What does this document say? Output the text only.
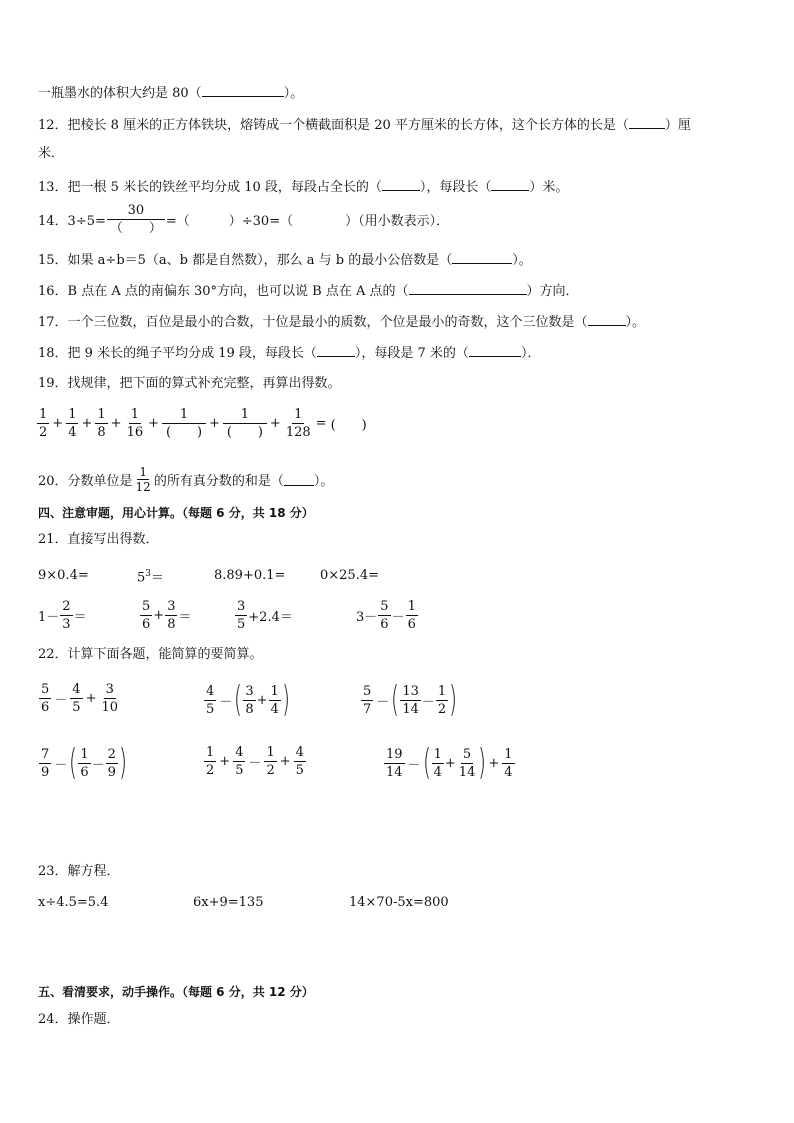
一瓶墨水的体积大约是 80（	）。
12．把棱长 8 厘米的正方体铁块，熔铸成一个横截面积是 20 平方厘米的长方体，这个长方体的长是（	）厘
米．
13．把一根 5 米长的铁丝平均分成 10 段，每段占全长的（	），每段长（	）米。
14．$3\div 5= \frac{30}{( )}$ =（　　　）÷30=（　　　　）（用小数表示）．
15．如果 a÷b＝5（a、b 都是自然数），那么 a 与 b 的最小公倍数是（	）。
16．B 点在 A 点的南偏东 30°方向，也可以说 B 点在 A 点的（	）方向．
17．一个三位数，百位是最小的合数，十位是最小的质数，个位是最小的奇数，这个三位数是（	）。
18．把 9 米长的绳子平均分成 19 段，每段长（	），每段是 7 米的（	）．
19．找规律，把下面的算式补充完整，再算出得数。
$\frac{1}{2} + \frac{1}{4} + \frac{1}{8} + \frac{1}{16} + \frac{1}{( )} + \frac{1}{( )} + \frac{1}{128}$ = (　　)
20．分数单位是 $\frac{1}{12}$ 的所有真分数的和是（ ）。
四、注意审题，用心计算。（每题 6 分，共 18 分）
21．直接写出得数．
9×0.4=	$5^3=$	8.89+0.1=	0×25.4=
$1- \frac{2}{3}$ ＝	$\frac{5}{6} + \frac{3}{8}$ ＝	$\frac{3}{5} +2.4=$	$3- \frac{5}{6} - \frac{1}{6}$
22．计算下面各题，能简算的要简算。
$\frac{5}{6} - \frac{4}{5} + \frac{3}{10}$	$\frac{4}{5}$ － ( $\frac{3}{8} + \frac{1}{4}$ )	$\frac{5}{7}$ － ( $\frac{13}{14} - \frac{1}{2}$ )
$\frac{7}{9}$ － ( $\frac{1}{6} - \frac{2}{9}$ )	$\frac{1}{2} + \frac{4}{5} - \frac{1}{2} + \frac{4}{5}$	$\frac{19}{14}$ － ( $\frac{1}{4} + \frac{5}{14}$ ) + $\frac{1}{4}$
23．解方程．
x÷4.5=5.4	6x+9=135	14×70-5x=800
五、看清要求，动手操作。（每题 6 分，共 12 分）
24．操作题．
